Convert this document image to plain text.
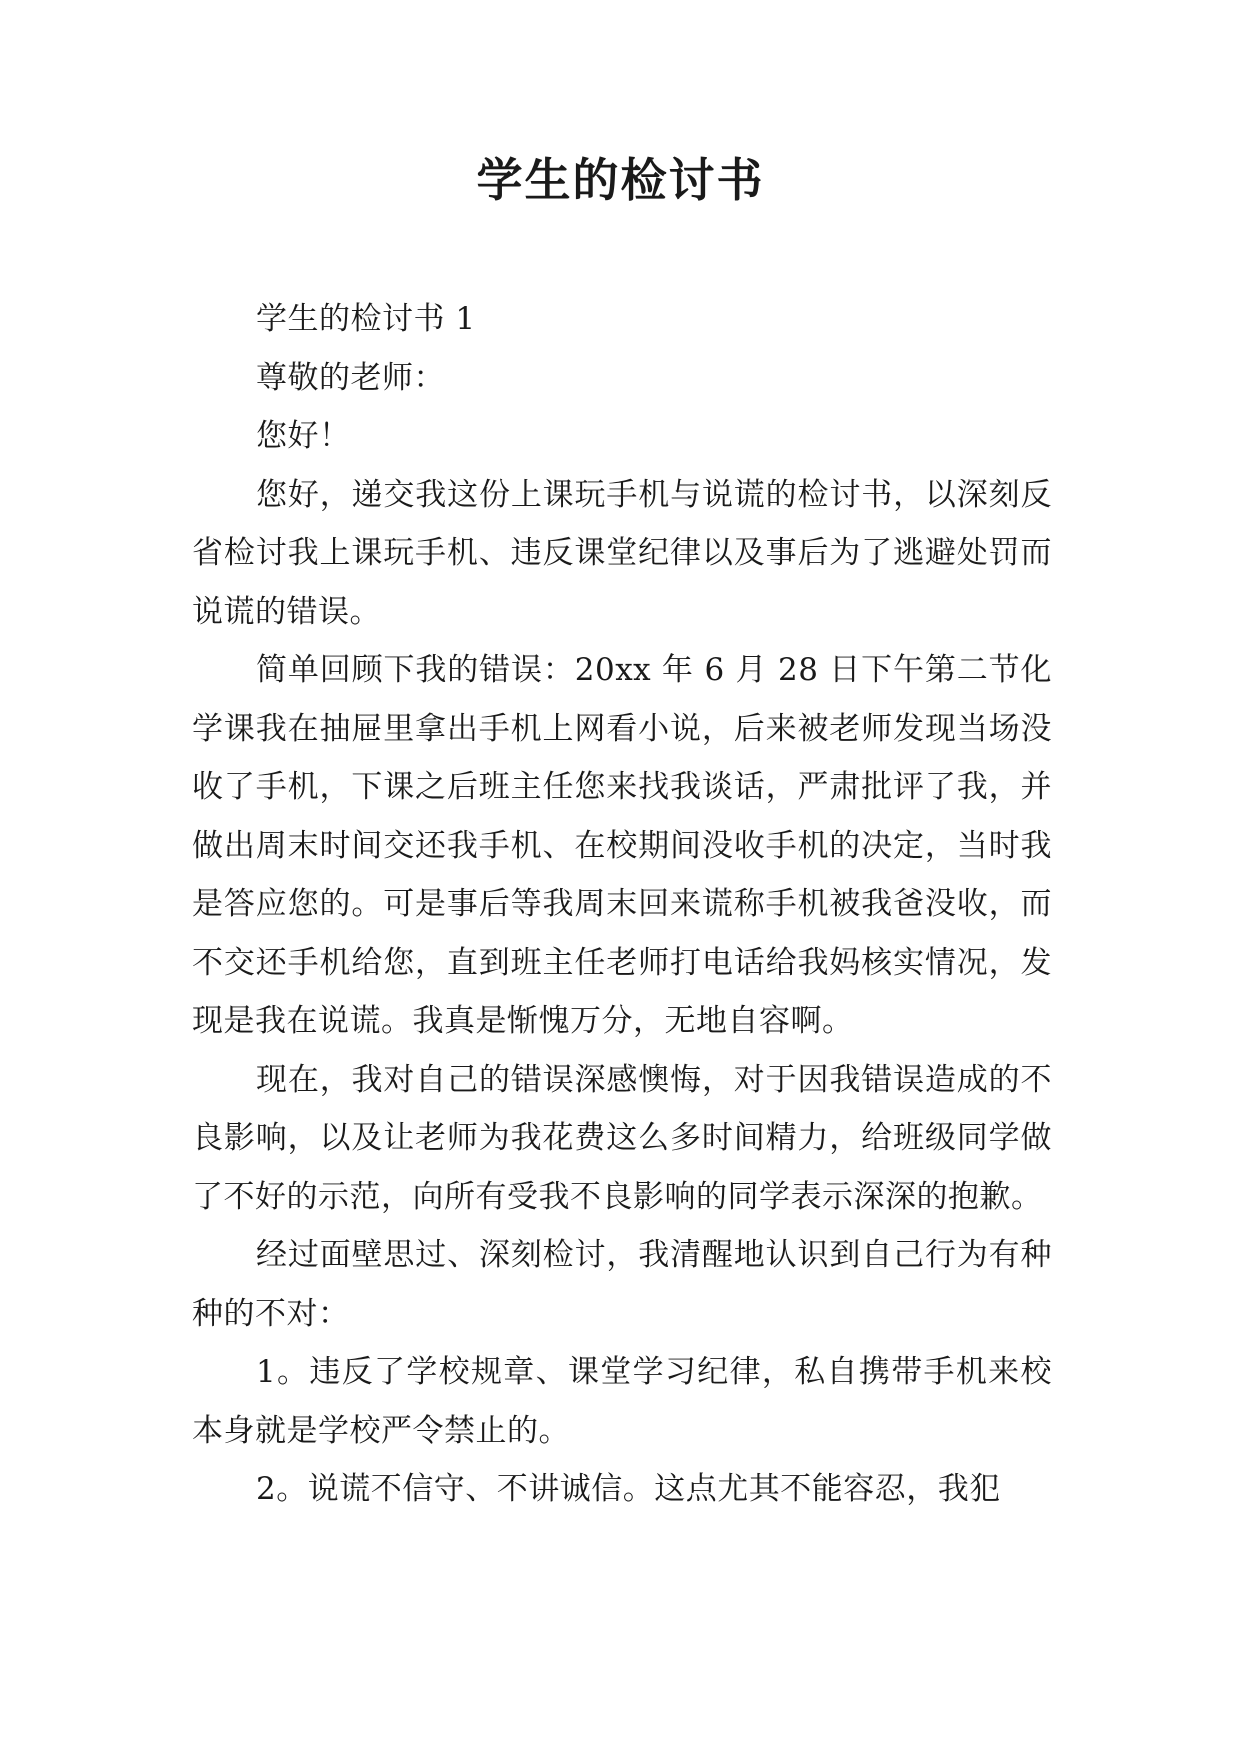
学生的检讨书

学生的检讨书 1

尊敬的老师：

您好！

您好，递交我这份上课玩手机与说谎的检讨书，以深刻反省检讨我上课玩手机、违反课堂纪律以及事后为了逃避处罚而说谎的错误。

简单回顾下我的错误：20xx 年 6 月 28 日下午第二节化学课我在抽屉里拿出手机上网看小说，后来被老师发现当场没收了手机，下课之后班主任您来找我谈话，严肃批评了我，并做出周末时间交还我手机、在校期间没收手机的决定，当时我是答应您的。可是事后等我周末回来谎称手机被我爸没收，而不交还手机给您，直到班主任老师打电话给我妈核实情况，发现是我在说谎。我真是惭愧万分，无地自容啊。

现在，我对自己的错误深感懊悔，对于因我错误造成的不良影响，以及让老师为我花费这么多时间精力，给班级同学做了不好的示范，向所有受我不良影响的同学表示深深的抱歉。

经过面壁思过、深刻检讨，我清醒地认识到自己行为有种种的不对：

1。违反了学校规章、课堂学习纪律，私自携带手机来校本身就是学校严令禁止的。

2。说谎不信守、不讲诚信。这点尤其不能容忍，我犯
